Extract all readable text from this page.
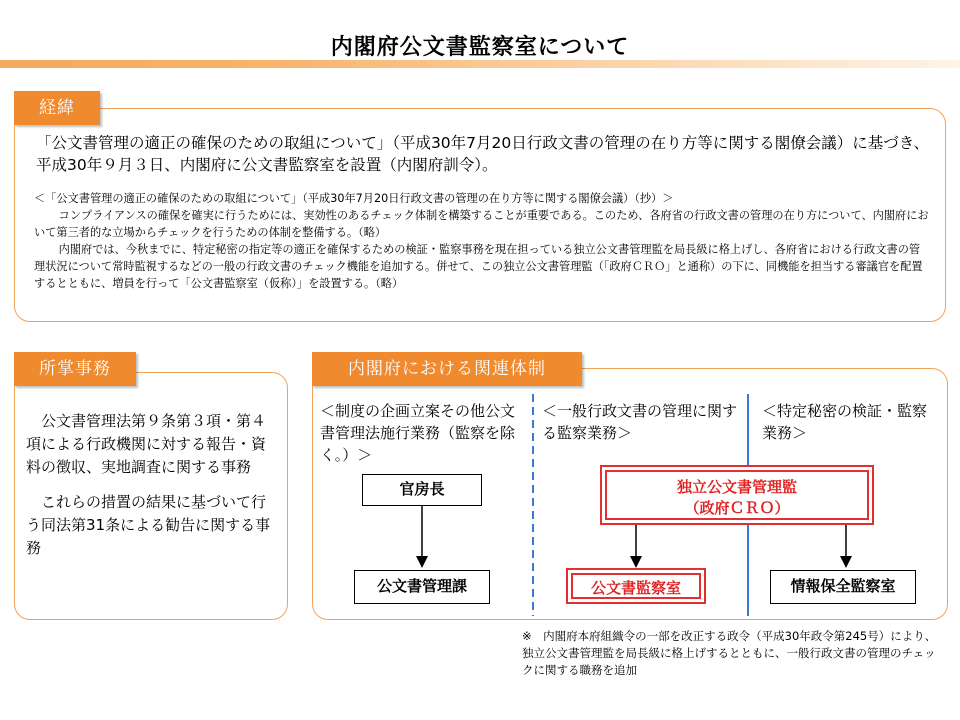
内閣府公文書監察室について
経緯
「公文書管理の適正の確保のための取組について」（平成30年7月20日行政文書の管理の在り方等に関する閣僚会議）に基づき、平成30年９月３日、内閣府に公文書監察室を設置（内閣府訓令）。

＜「公文書管理の適正の確保のための取組について」（平成30年7月20日行政文書の管理の在り方等に関する閣僚会議）（抄）＞

コンプライアンスの確保を確実に行うためには、実効性のあるチェック体制を構築することが重要である。このため、各府省の行政文書の管理の在り方について、内閣府において第三者的な立場からチェックを行うための体制を整備する。（略）

内閣府では、今秋までに、特定秘密の指定等の適正を確保するための検証・監察事務を現在担っている独立公文書管理監を局長級に格上げし、各府省における行政文書の管理状況について常時監視するなどの一般の行政文書のチェック機能を追加する。併せて、この独立公文書管理監（「政府ＣＲＯ」と通称）の下に、同機能を担当する審議官を配置するとともに、増員を行って「公文書監察室（仮称）」を設置する。（略）

所掌事務

公文書管理法第９条第３項・第４項による行政機関に対する報告・資料の徴収、実地調査に関する事務

これらの措置の結果に基づいて行う同法第31条による勧告に関する事務

内閣府における関連体制
＜制度の企画立案その他公文書管理法施行業務（監察を除く。）＞
＜一般行政文書の管理に関する監察業務＞
＜特定秘密の検証・監察業務＞
官房長
公文書管理課
独立公文書管理監
（政府ＣＲＯ）
公文書監察室	情報保全監察室
※　内閣府本府組織令の一部を改正する政令（平成30年政令第245号）により、独立公文書管理監を局長級に格上げするとともに、一般行政文書の管理のチェックに関する職務を追加
